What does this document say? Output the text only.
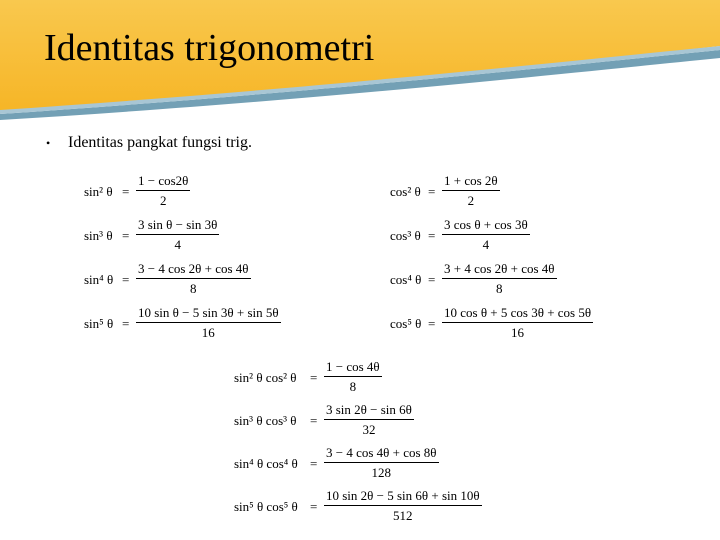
Identitas trigonometri
• Identitas pangkat fungsi trig.
sin² θ =
1 − cos2θ
2
sin³ θ =
3 sin θ − sin 3θ
4
sin⁴ θ =
3 − 4 cos 2θ + cos 4θ
8
sin⁵ θ =
10 sin θ − 5 sin 3θ + sin 5θ
16
cos² θ =
1 + cos 2θ
2
cos³ θ =
3 cos θ + cos 3θ
4
cos⁴ θ =
3 + 4 cos 2θ + cos 4θ
8
cos⁵ θ =
10 cos θ + 5 cos 3θ + cos 5θ
16
sin² θ cos² θ =
1 − cos 4θ
8
sin³ θ cos³ θ =
3 sin 2θ − sin 6θ
32
sin⁴ θ cos⁴ θ =
3 − 4 cos 4θ + cos 8θ
128
sin⁵ θ cos⁵ θ =
10 sin 2θ − 5 sin 6θ + sin 10θ
512
